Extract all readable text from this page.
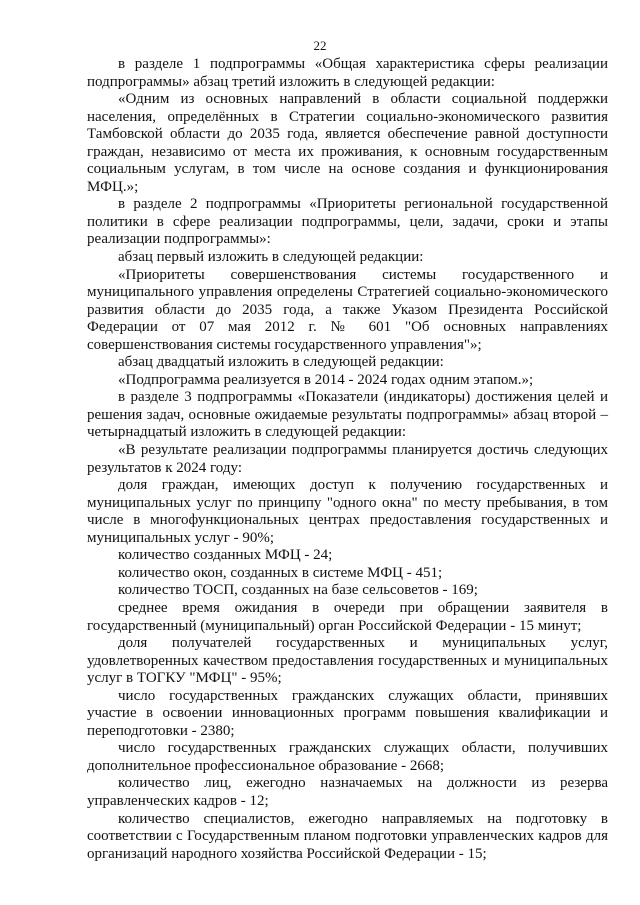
22

в разделе 1 подпрограммы «Общая характеристика сферы реализации подпрограммы» абзац третий изложить в следующей редакции:

«Одним из основных направлений в области социальной поддержки населения, определённых в Стратегии социально-экономического развития Тамбовской области до 2035 года, является обеспечение равной доступности граждан, независимо от места их проживания, к основным государственным социальным услугам, в том числе на основе создания и функционирования МФЦ.»;

в разделе 2 подпрограммы «Приоритеты региональной государственной политики в сфере реализации подпрограммы, цели, задачи, сроки и этапы реализации подпрограммы»:

абзац первый изложить в следующей редакции:

«Приоритеты совершенствования системы государственного и муниципального управления определены Стратегией социально-экономического развития области до 2035 года, а также Указом Президента Российской Федерации от 07 мая 2012 г. № 601 "Об основных направлениях совершенствования системы государственного управления"»;

абзац двадцатый изложить в следующей редакции:

«Подпрограмма реализуется в 2014 - 2024 годах одним этапом.»;

в разделе 3 подпрограммы «Показатели (индикаторы) достижения целей и решения задач, основные ожидаемые результаты подпрограммы» абзац второй – четырнадцатый изложить в следующей редакции:

«В результате реализации подпрограммы планируется достичь следующих результатов к 2024 году:

доля граждан, имеющих доступ к получению государственных и муниципальных услуг по принципу "одного окна" по месту пребывания, в том числе в многофункциональных центрах предоставления государственных и муниципальных услуг - 90%;

количество созданных МФЦ - 24;

количество окон, созданных в системе МФЦ - 451;

количество ТОСП, созданных на базе сельсоветов - 169;

среднее время ожидания в очереди при обращении заявителя в государственный (муниципальный) орган Российской Федерации - 15 минут;

доля получателей государственных и муниципальных услуг, удовлетворенных качеством предоставления государственных и муниципальных услуг в ТОГКУ "МФЦ" - 95%;

число государственных гражданских служащих области, принявших участие в освоении инновационных программ повышения квалификации и переподготовки - 2380;

число государственных гражданских служащих области, получивших дополнительное профессиональное образование - 2668;

количество лиц, ежегодно назначаемых на должности из резерва управленческих кадров - 12;

количество специалистов, ежегодно направляемых на подготовку в соответствии с Государственным планом подготовки управленческих кадров для организаций народного хозяйства Российской Федерации - 15;
